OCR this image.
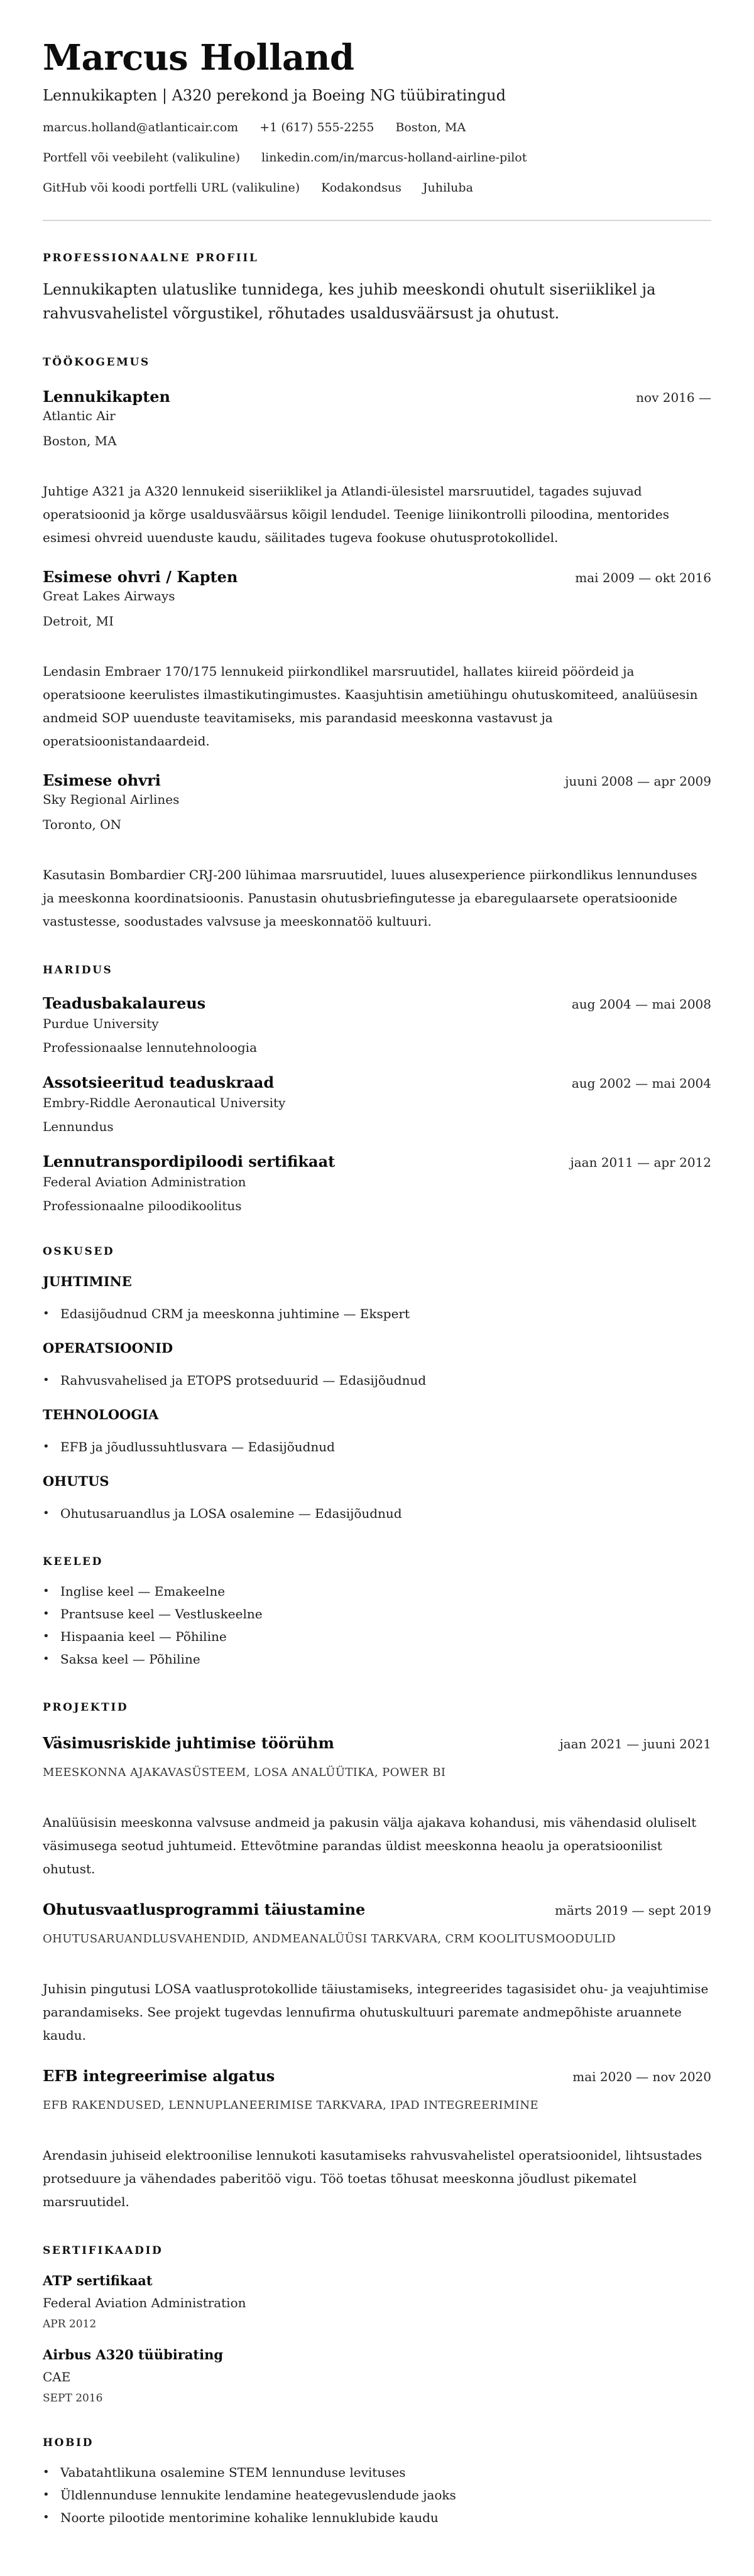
Marcus Holland
Lennukikapten | A320 perekond ja Boeing NG tüübiratingud
marcus.holland@atlanticair.com +1 (617) 555-2255 Boston, MA
Portfell või veebileht (valikuline) linkedin.com/in/marcus-holland-airline-pilot
GitHub või koodi portfelli URL (valikuline) Kodakondsus Juhiluba
PROFESSIONAALNE PROFIIL

Lennukikapten ulatuslike tunnidega, kes juhib meeskondi ohutult siseriiklikel ja rahvusvahelistel võrgustikel, rõhutades usaldusväärsust ja ohutust.

TÖÖKOGEMUS
Lennukikapten	nov 2016 —
Atlantic Air
Boston, MA

Juhtige A321 ja A320 lennukeid siseriiklikel ja Atlandi-ülesistel marsruutidel, tagades sujuvad operatsioonid ja kõrge usaldusväärsus kõigil lendudel. Teenige liinikontrolli piloodina, mentorides esimesi ohvreid uuenduste kaudu, säilitades tugeva fookuse ohutusprotokollidel.

Esimese ohvri / Kapten	mai 2009 — okt 2016
Great Lakes Airways
Detroit, MI

Lendasin Embraer 170/175 lennukeid piirkondlikel marsruutidel, hallates kiireid pöördeid ja operatsioone keerulistes ilmastikutingimustes. Kaasjuhtisin ametiühingu ohutuskomiteed, analüüsesin andmeid SOP uuenduste teavitamiseks, mis parandasid meeskonna vastavust ja operatsioonistandaardeid.

Esimese ohvri	juuni 2008 — apr 2009
Sky Regional Airlines
Toronto, ON

Kasutasin Bombardier CRJ-200 lühimaa marsruutidel, luues alusexperience piirkondlikus lennunduses ja meeskonna koordinatsioonis. Panustasin ohutusbriefingutesse ja ebaregulaarsete operatsioonide vastustesse, soodustades valvsuse ja meeskonnatöö kultuuri.

HARIDUS
Teadusbakalaureus	aug 2004 — mai 2008
Purdue University
Professionaalse lennutehnoloogia
Assotsieeritud teaduskraad	aug 2002 — mai 2004
Embry-Riddle Aeronautical University
Lennundus
Lennutranspordipiloodi sertifikaat	jaan 2011 — apr 2012
Federal Aviation Administration
Professionaalne piloodikoolitus
OSKUSED
JUHTIMINE
• Edasijõudnud CRM ja meeskonna juhtimine — Ekspert
OPERATSIOONID
• Rahvusvahelised ja ETOPS protseduurid — Edasijõudnud
TEHNOLOOGIA
• EFB ja jõudlussuhtlusvara — Edasijõudnud
OHUTUS
• Ohutusaruandlus ja LOSA osalemine — Edasijõudnud
KEELED
• Inglise keel — Emakeelne
• Prantsuse keel — Vestluskeelne
• Hispaania keel — Põhiline
• Saksa keel — Põhiline
PROJEKTID
Väsimusriskide juhtimise töörühm	jaan 2021 — juuni 2021
MEESKONNA AJAKAVASÜSTEEM, LOSA ANALÜÜTIKA, POWER BI

Analüüsisin meeskonna valvsuse andmeid ja pakusin välja ajakava kohandusi, mis vähendasid oluliselt väsimusega seotud juhtumeid. Ettevõtmine parandas üldist meeskonna heaolu ja operatsioonilist ohutust.

Ohutusvaatlusprogrammi täiustamine	märts 2019 — sept 2019
OHUTUSARUANDLUSVAHENDID, ANDMEANALÜÜSI TARKVARA, CRM KOOLITUSMOODULID

Juhisin pingutusi LOSA vaatlusprotokollide täiustamiseks, integreerides tagasisidet ohu- ja veajuhtimise parandamiseks. See projekt tugevdas lennufirma ohutuskultuuri paremate andmepõhiste aruannete kaudu.

EFB integreerimise algatus	mai 2020 — nov 2020
EFB RAKENDUSED, LENNUPLANEERIMISE TARKVARA, IPAD INTEGREERIMINE

Arendasin juhiseid elektroonilise lennukoti kasutamiseks rahvusvahelistel operatsioonidel, lihtsustades protseduure ja vähendades paberitöö vigu. Töö toetas tõhusat meeskonna jõudlust pikematel marsruutidel.

SERTIFIKAADID
ATP sertifikaat
Federal Aviation Administration
APR 2012
Airbus A320 tüübirating
CAE
SEPT 2016
HOBID
• Vabatahtlikuna osalemine STEM lennunduse levituses
• Üldlennunduse lennukite lendamine heategevuslendude jaoks
• Noorte pilootide mentorimine kohalike lennuklubide kaudu
